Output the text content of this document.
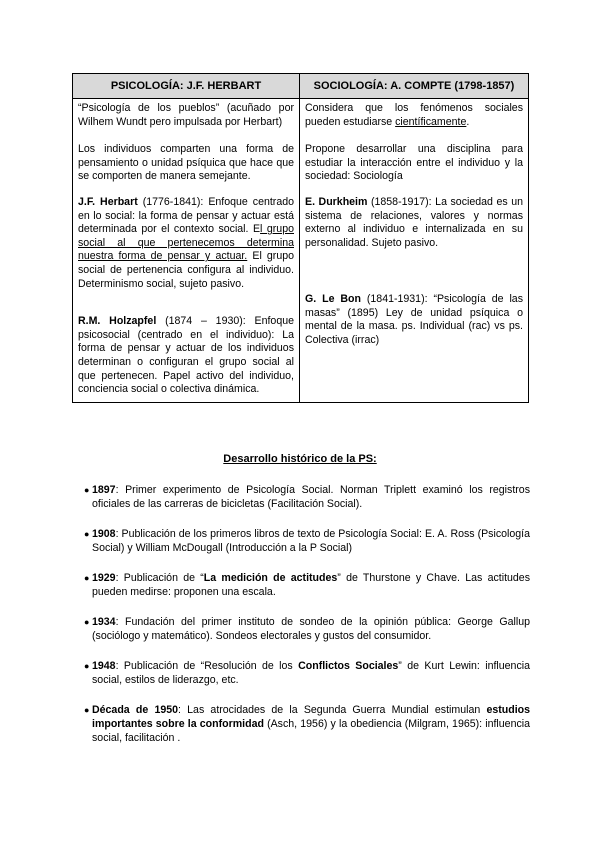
PSICOLOGÍA: J.F. HERBART	SOCIOLOGÍA: A. COMPTE (1798-1857)

“Psicología de los pueblos” (acuñado por Wilhem Wundt pero impulsada por Herbart)	Considera que los fenómenos sociales pueden estudiarse científicamente.

Los individuos comparten una forma de pensamiento o unidad psíquica que hace que se comporten de manera semejante.	Propone desarrollar una disciplina para estudiar la interacción entre el individuo y la sociedad: Sociología

J.F. Herbart (1776-1841): Enfoque centrado en lo social: la forma de pensar y actuar está determinada por el contexto social. El grupo social al que pertenecemos determina nuestra forma de pensar y actuar. El grupo social de pertenencia configura al individuo. Determinismo social, sujeto pasivo.	E. Durkheim (1858-1917): La sociedad es un sistema de relaciones, valores y normas externo al individuo e internalizada en su personalidad. Sujeto pasivo.

R.M. Holzapfel (1874 – 1930): Enfoque psicosocial (centrado en el individuo): La forma de pensar y actuar de los individuos determinan o configuran el grupo social al que pertenecen. Papel activo del individuo, conciencia social o colectiva dinámica.	G. Le Bon (1841-1931): “Psicología de las masas” (1895) Ley de unidad psíquica o mental de la masa. ps. Individual (rac) vs ps. Colectiva (irrac)

Desarrollo histórico de la PS:

● 1897: Primer experimento de Psicología Social. Norman Triplett examinó los registros oficiales de las carreras de bicicletas (Facilitación Social).

● 1908: Publicación de los primeros libros de texto de Psicología Social: E. A. Ross (Psicología Social) y William McDougall (Introducción a la P Social)

● 1929: Publicación de “La medición de actitudes” de Thurstone y Chave. Las actitudes pueden medirse: proponen una escala.

● 1934: Fundación del primer instituto de sondeo de la opinión pública: George Gallup (sociólogo y matemático). Sondeos electorales y gustos del consumidor.

● 1948: Publicación de “Resolución de los Conflictos Sociales” de Kurt Lewin: influencia social, estilos de liderazgo, etc.

● Década de 1950: Las atrocidades de la Segunda Guerra Mundial estimulan estudios importantes sobre la conformidad (Asch, 1956) y la obediencia (Milgram, 1965): influencia social, facilitación .
